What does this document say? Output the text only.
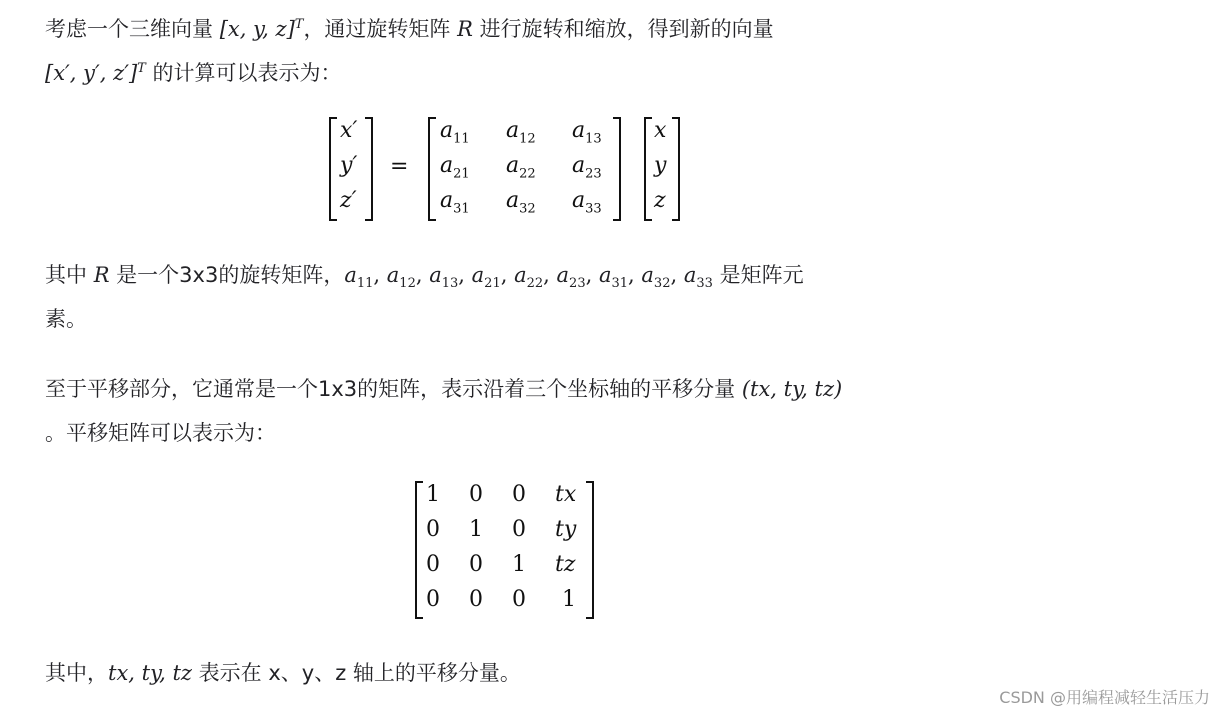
考虑一个三维向量 [x, y, z]$^T$，通过旋转矩阵 R 进行旋转和缩放，得到新的向量

[x′, y′, z′]$^T$ 的计算可以表示为：

x′
y′
z′
=
$a_{11}$ $a_{12}$ $a_{13}$
$a_{21}$ $a_{22}$ $a_{23}$
$a_{31}$ $a_{32}$ $a_{33}$
x
y
z

其中 R 是一个3x3的旋转矩阵，$a_{11}$, $a_{12}$, $a_{13}$, $a_{21}$, $a_{22}$, $a_{23}$, $a_{31}$, $a_{32}$, $a_{33}$ 是矩阵元

素。

至于平移部分，它通常是一个1x3的矩阵，表示沿着三个坐标轴的平移分量 (tx, ty, tz)

。平移矩阵可以表示为：

1 0 0 tx
0 1 0 ty
0 0 1 tz
0 0 0 1

其中，tx, ty, tz 表示在 x、y、z 轴上的平移分量。

CSDN @用编程减轻生活压力
